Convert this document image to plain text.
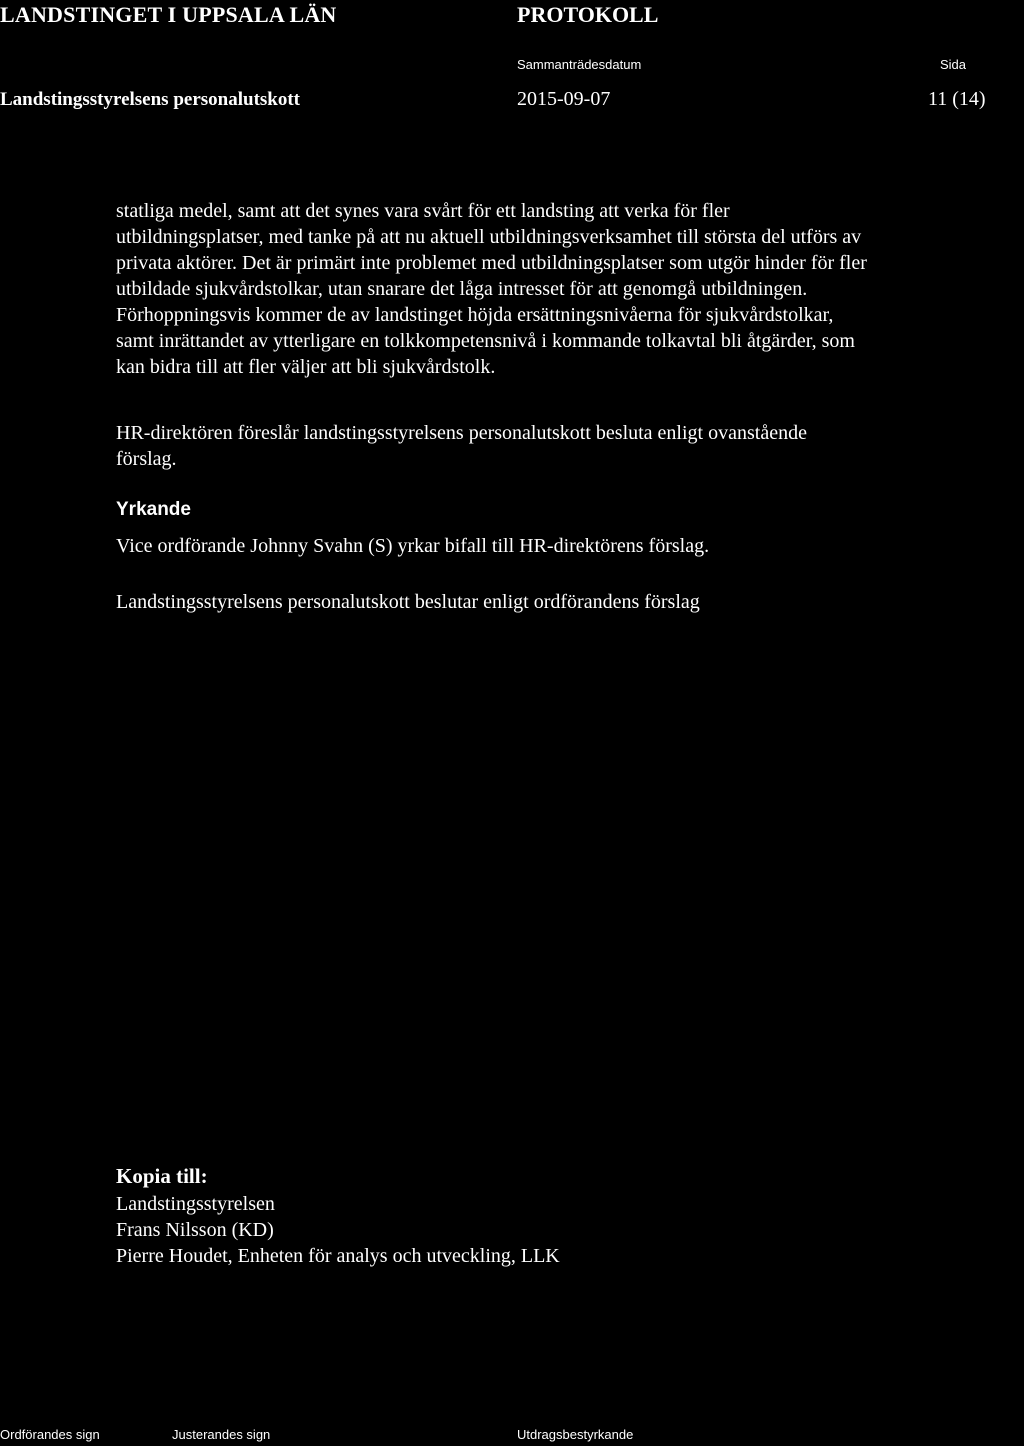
LANDSTINGET I UPPSALA LÄN	PROTOKOLL
Sammanträdesdatum	Sida
Landstingsstyrelsens personalutskott	2015-09-07	11 (14)
statliga medel, samt att det synes vara svårt för ett landsting att verka för fler
utbildningsplatser, med tanke på att nu aktuell utbildningsverksamhet till största del utförs av
privata aktörer. Det är primärt inte problemet med utbildningsplatser som utgör hinder för fler
utbildade sjukvårdstolkar, utan snarare det låga intresset för att genomgå utbildningen.
Förhoppningsvis kommer de av landstinget höjda ersättningsnivåerna för sjukvårdstolkar,
samt inrättandet av ytterligare en tolkkompetensnivå i kommande tolkavtal bli åtgärder, som
kan bidra till att fler väljer att bli sjukvårdstolk.
HR-direktören föreslår landstingsstyrelsens personalutskott besluta enligt ovanstående
förslag.
Yrkande
Vice ordförande Johnny Svahn (S) yrkar bifall till HR-direktörens förslag.
Landstingsstyrelsens personalutskott beslutar enligt ordförandens förslag
Kopia till:
Landstingsstyrelsen
Frans Nilsson (KD)
Pierre Houdet, Enheten för analys och utveckling, LLK
Ordförandes sign	Justerandes sign	Utdragsbestyrkande
